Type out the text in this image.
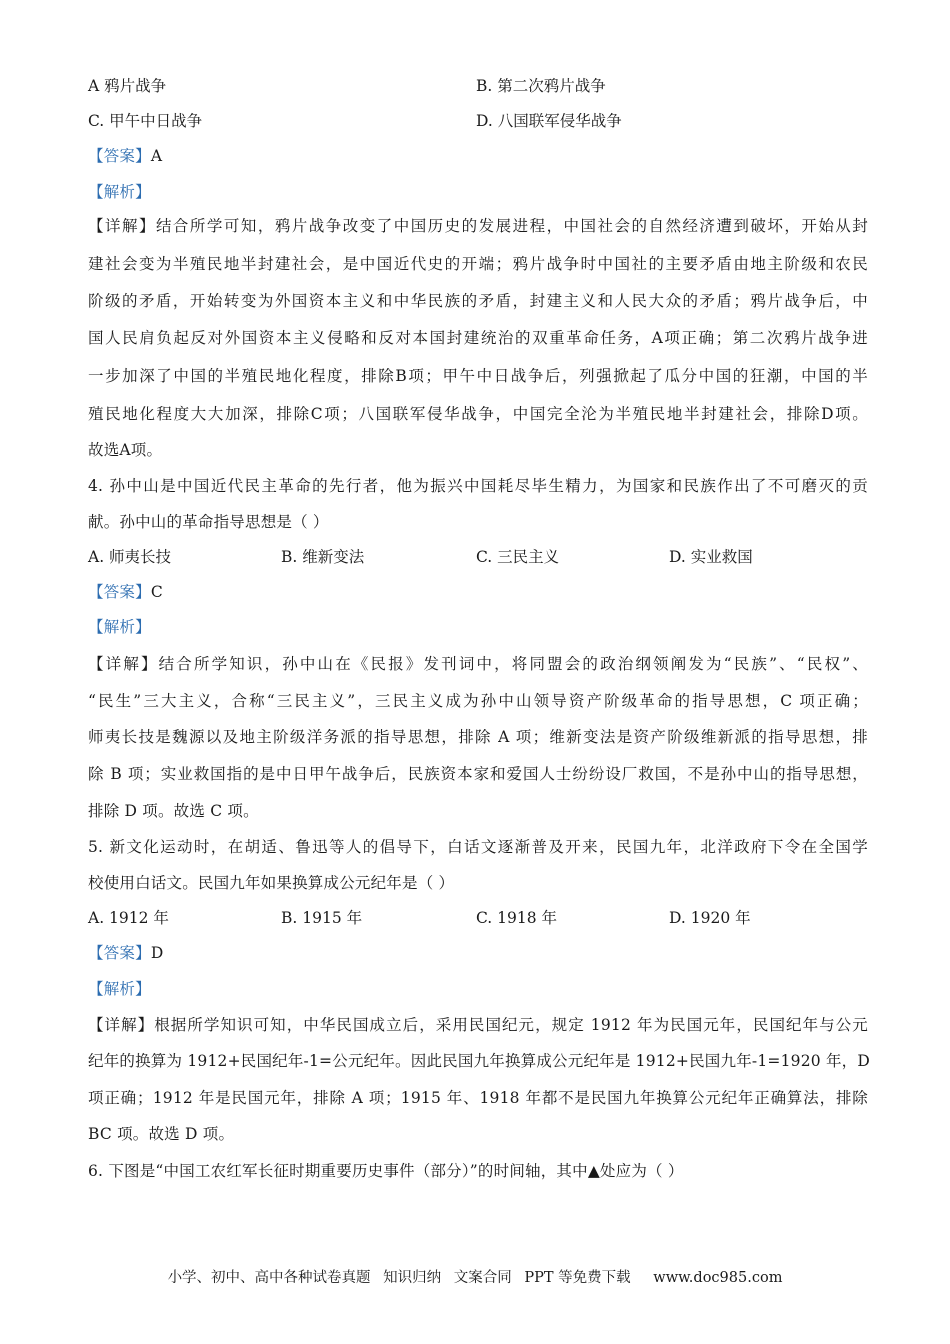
A 鸦片战争	B. 第二次鸦片战争
C. 甲午中日战争	D. 八国联军侵华战争
【答案】A
【解析】
【详解】结合所学可知，鸦片战争改变了中国历史的发展进程，中国社会的自然经济遭到破坏，开始从封
建社会变为半殖民地半封建社会，是中国近代史的开端；鸦片战争时中国社的主要矛盾由地主阶级和农民
阶级的矛盾，开始转变为外国资本主义和中华民族的矛盾，封建主义和人民大众的矛盾；鸦片战争后，中
国人民肩负起反对外国资本主义侵略和反对本国封建统治的双重革命任务，A项正确；第二次鸦片战争进
一步加深了中国的半殖民地化程度，排除B项；甲午中日战争后，列强掀起了瓜分中国的狂潮，中国的半
殖民地化程度大大加深，排除C项；八国联军侵华战争，中国完全沦为半殖民地半封建社会，排除D项。
故选A项。
4. 孙中山是中国近代民主革命的先行者，他为振兴中国耗尽毕生精力，为国家和民族作出了不可磨灭的贡
献。孙中山的革命指导思想是（ ）
A. 师夷长技	B. 维新变法	C. 三民主义	D. 实业救国
【答案】C
【解析】
【详解】结合所学知识，孙中山在《民报》发刊词中，将同盟会的政治纲领阐发为“民族”、“民权”、
“民生”三大主义，合称“三民主义”，三民主义成为孙中山领导资产阶级革命的指导思想，C 项正确；
师夷长技是魏源以及地主阶级洋务派的指导思想，排除 A 项；维新变法是资产阶级维新派的指导思想，排
除 B 项；实业救国指的是中日甲午战争后，民族资本家和爱国人士纷纷设厂救国，不是孙中山的指导思想，
排除 D 项。故选 C 项。
5. 新文化运动时，在胡适、鲁迅等人的倡导下，白话文逐渐普及开来，民国九年，北洋政府下令在全国学
校使用白话文。民国九年如果换算成公元纪年是（ ）
A. 1912 年	B. 1915 年	C. 1918 年	D. 1920 年
【答案】D
【解析】
【详解】根据所学知识可知，中华民国成立后，采用民国纪元，规定 1912 年为民国元年，民国纪年与公元
纪年的换算为 1912+民国纪年-1=公元纪年。因此民国九年换算成公元纪年是 1912+民国九年-1=1920 年，D
项正确；1912 年是民国元年，排除 A 项；1915 年、1918 年都不是民国九年换算公元纪年正确算法，排除
BC 项。故选 D 项。
6. 下图是“中国工农红军长征时期重要历史事件（部分）”的时间轴，其中▲处应为（ ）
小学、初中、高中各种试卷真题 知识归纳 文案合同 PPT 等免费下载 www.doc985.com
